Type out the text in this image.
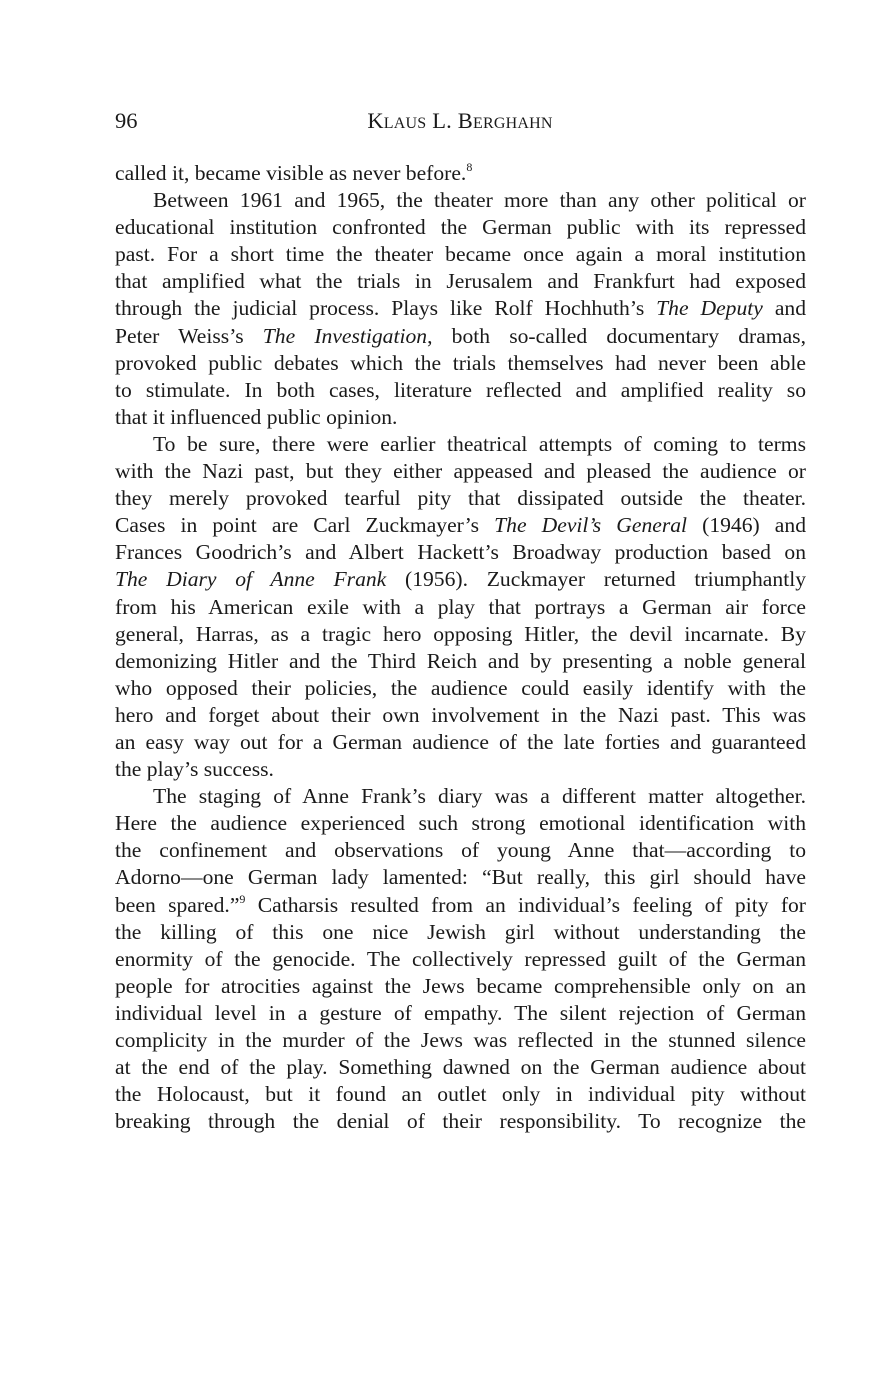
96	Klaus L. Berghahn
called it, became visible as never before.$^8$
Between 1961 and 1965, the theater more than any other political or
educational institution confronted the German public with its repressed
past. For a short time the theater became once again a moral institution
that amplified what the trials in Jerusalem and Frankfurt had exposed
through the judicial process. Plays like Rolf Hochhuth’s The Deputy and
Peter Weiss’s The Investigation, both so-called documentary dramas,
provoked public debates which the trials themselves had never been able
to stimulate. In both cases, literature reflected and amplified reality so
that it influenced public opinion.
To be sure, there were earlier theatrical attempts of coming to terms
with the Nazi past, but they either appeased and pleased the audience or
they merely provoked tearful pity that dissipated outside the theater.
Cases in point are Carl Zuckmayer’s The Devil’s General (1946) and
Frances Goodrich’s and Albert Hackett’s Broadway production based on
The Diary of Anne Frank (1956). Zuckmayer returned triumphantly
from his American exile with a play that portrays a German air force
general, Harras, as a tragic hero opposing Hitler, the devil incarnate. By
demonizing Hitler and the Third Reich and by presenting a noble general
who opposed their policies, the audience could easily identify with the
hero and forget about their own involvement in the Nazi past. This was
an easy way out for a German audience of the late forties and guaranteed
the play’s success.
The staging of Anne Frank’s diary was a different matter altogether.
Here the audience experienced such strong emotional identification with
the confinement and observations of young Anne that—according to
Adorno—one German lady lamented: “But really, this girl should have
been spared.”$^9$ Catharsis resulted from an individual’s feeling of pity for
the killing of this one nice Jewish girl without understanding the
enormity of the genocide. The collectively repressed guilt of the German
people for atrocities against the Jews became comprehensible only on an
individual level in a gesture of empathy. The silent rejection of German
complicity in the murder of the Jews was reflected in the stunned silence
at the end of the play. Something dawned on the German audience about
the Holocaust, but it found an outlet only in individual pity without
breaking through the denial of their responsibility. To recognize the
